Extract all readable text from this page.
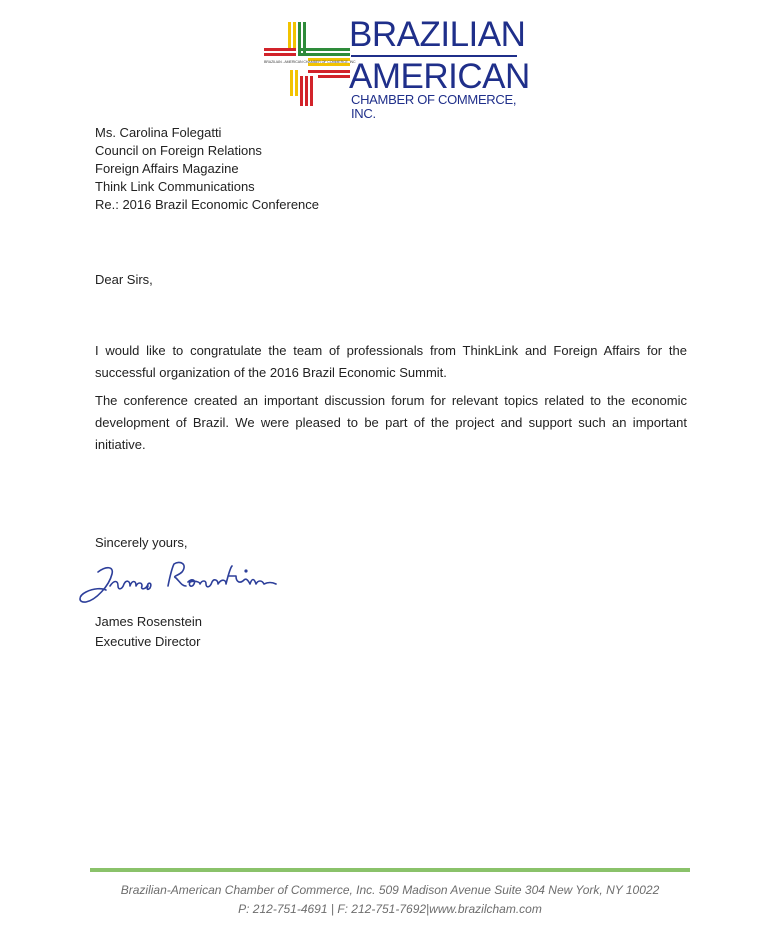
BRAZILIAN - AMERICAN CHAMBER OF COMMERCE, INC
BRAZILIAN
AMERICAN
CHAMBER OF COMMERCE, INC.
Ms. Carolina Folegatti
Council on Foreign Relations
Foreign Affairs Magazine
Think Link Communications
Re.: 2016 Brazil Economic Conference
Dear Sirs,
I would like to congratulate the team of professionals from ThinkLink and Foreign Affairs for the successful organization of the 2016 Brazil Economic Summit.
The conference created an important discussion forum for relevant topics related to the economic development of Brazil. We were pleased to be part of the project and support such an important initiative.
Sincerely yours,
James Rosenstein
Executive Director
Brazilian-American Chamber of Commerce, Inc. 509 Madison Avenue Suite 304 New York, NY 10022
P: 212-751-4691 | F: 212-751-7692|www.brazilcham.com
